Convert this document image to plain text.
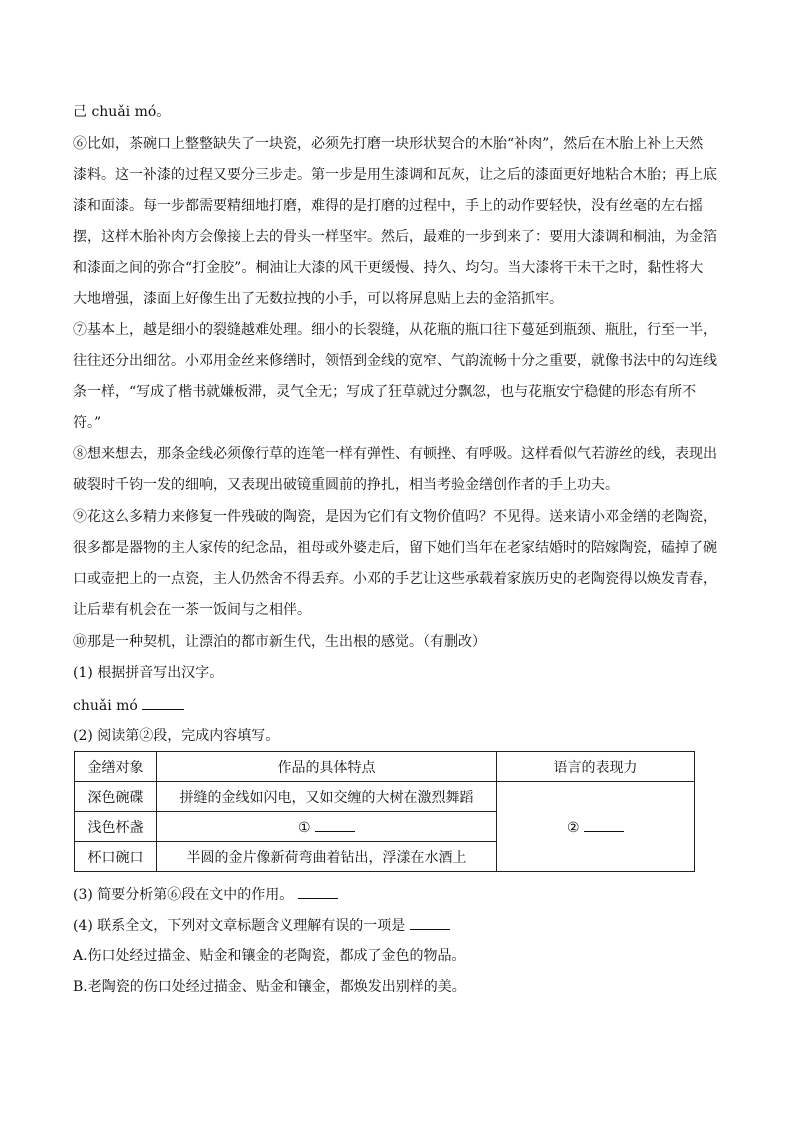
己 chuǎi mó。
⑥比如，茶碗口上整整缺失了一块瓷，必须先打磨一块形状契合的木胎“补肉”，然后在木胎上补上天然
漆料。这一补漆的过程又要分三步走。第一步是用生漆调和瓦灰，让之后的漆面更好地粘合木胎；再上底
漆和面漆。每一步都需要精细地打磨，难得的是打磨的过程中，手上的动作要轻快，没有丝毫的左右摇
摆，这样木胎补肉方会像接上去的骨头一样坚牢。然后，最难的一步到来了：要用大漆调和桐油，为金箔
和漆面之间的弥合“打金胶”。桐油让大漆的风干更缓慢、持久、均匀。当大漆将干未干之时，黏性将大
大地增强，漆面上好像生出了无数拉拽的小手，可以将屏息贴上去的金箔抓牢。
⑦基本上，越是细小的裂缝越难处理。细小的长裂缝，从花瓶的瓶口往下蔓延到瓶颈、瓶肚，行至一半，
往往还分出细岔。小邓用金丝来修缮时，领悟到金线的宽窄、气韵流畅十分之重要，就像书法中的勾连线
条一样，“写成了楷书就嫌板滞，灵气全无；写成了狂草就过分飘忽，也与花瓶安宁稳健的形态有所不
符。”
⑧想来想去，那条金线必须像行草的连笔一样有弹性、有顿挫、有呼吸。这样看似气若游丝的线，表现出
破裂时千钧一发的细响，又表现出破镜重圆前的挣扎，相当考验金缮创作者的手上功夫。
⑨花这么多精力来修复一件残破的陶瓷，是因为它们有文物价值吗？不见得。送来请小邓金缮的老陶瓷，
很多都是器物的主人家传的纪念品，祖母或外婆走后，留下她们当年在老家结婚时的陪嫁陶瓷，磕掉了碗
口或壶把上的一点瓷，主人仍然舍不得丢弃。小邓的手艺让这些承载着家族历史的老陶瓷得以焕发青春，
让后辈有机会在一茶一饭间与之相伴。
⑩那是一种契机，让漂泊的都市新生代，生出根的感觉。（有删改）
(1) 根据拼音写出汉字。
chuǎi mó
(2) 阅读第②段，完成内容填写。
金缮对象	作品的具体特点	语言的表现力
深色碗碟	拼缝的金线如闪电，又如交缠的大树在激烈舞蹈	②
浅色杯盏	①	
杯口碗口	半圆的金片像新荷弯曲着钻出，浮漾在水酒上	
(3) 简要分析第⑥段在文中的作用。
(4) 联系全文，下列对文章标题含义理解有误的一项是
A.伤口处经过描金、贴金和镶金的老陶瓷，都成了金色的物品。
B.老陶瓷的伤口处经过描金、贴金和镶金，都焕发出别样的美。
